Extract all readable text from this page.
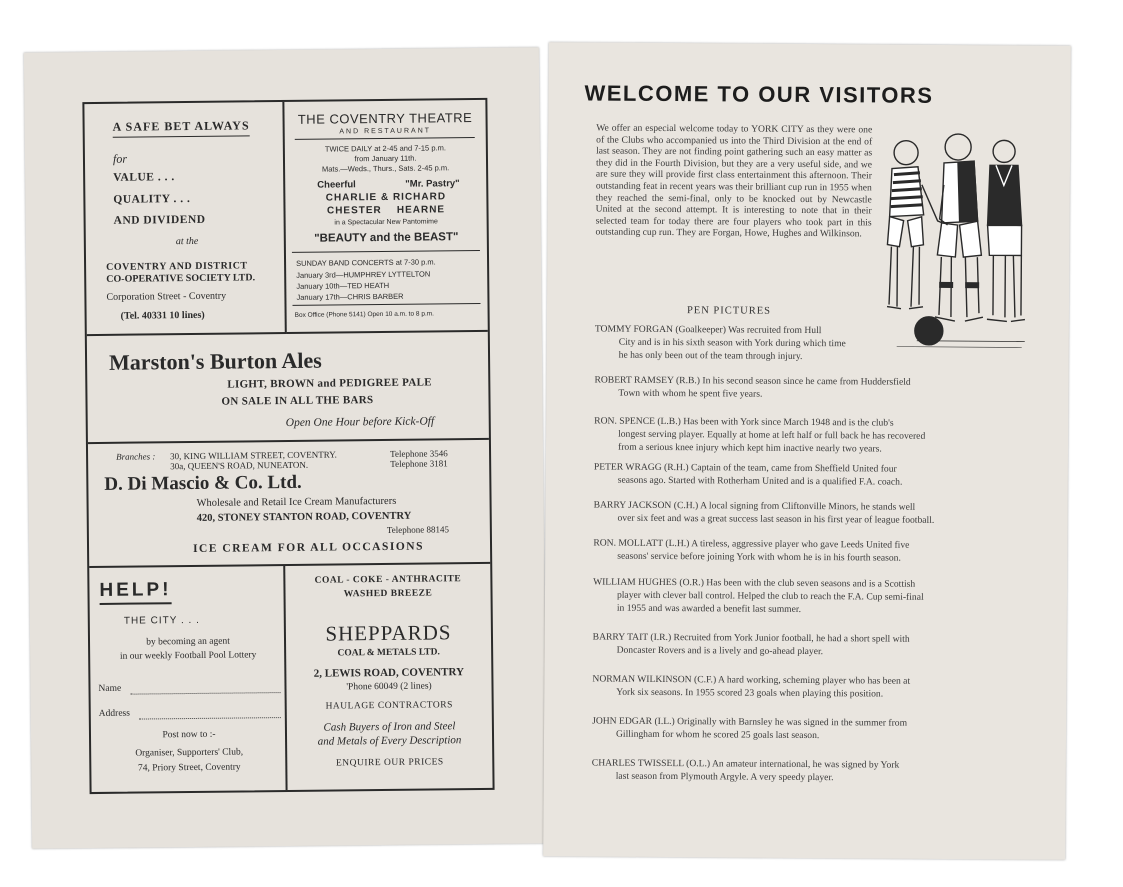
A SAFE BET ALWAYS
for
VALUE . . .
QUALITY . . .
AND DIVIDEND
at the
COVENTRY AND DISTRICT
CO-OPERATIVE SOCIETY LTD.
Corporation Street - Coventry
(Tel. 40331 10 lines)
THE COVENTRY THEATRE
AND RESTAURANT
TWICE DAILY at 2-45 and 7-15 p.m.
from January 11th.
Mats.—Weds., Thurs., Sats. 2-45 p.m.
Cheerful	"Mr. Pastry"
CHARLIE & RICHARD
CHESTER    HEARNE
in a Spectacular New Pantomime
"BEAUTY and the BEAST"
SUNDAY BAND CONCERTS at 7-30 p.m.
January 3rd—HUMPHREY LYTTELTON
January 10th—TED HEATH
January 17th—CHRIS BARBER
Box Office (Phone 5141) Open 10 a.m. to 8 p.m.
Marston's Burton Ales
LIGHT, BROWN and PEDIGREE PALE
ON SALE IN ALL THE BARS
Open One Hour before Kick-Off
Branches : 30, KING WILLIAM STREET, COVENTRY.	Telephone 3546
30a, QUEEN'S ROAD, NUNEATON.	Telephone 3181
D. Di Mascio & Co. Ltd.
Wholesale and Retail Ice Cream Manufacturers
420, STONEY STANTON ROAD, COVENTRY
Telephone 88145
ICE CREAM FOR ALL OCCASIONS
HELP!
THE CITY . . .
by becoming an agent
in our weekly Football Pool Lottery
Name
Address
Post now to :-
Organiser, Supporters' Club,
74, Priory Street, Coventry
COAL - COKE - ANTHRACITE
WASHED BREEZE
SHEPPARDS
COAL & METALS LTD.
2, LEWIS ROAD, COVENTRY
'Phone 60049 (2 lines)
HAULAGE CONTRACTORS
Cash Buyers of Iron and Steel
and Metals of Every Description
ENQUIRE OUR PRICES
WELCOME TO OUR VISITORS
We offer an especial welcome today to YORK CITY as they were one of the Clubs who accompanied us into the Third Division at the end of last season. They are not finding point gathering such an easy matter as they did in the Fourth Division, but they are a very useful side, and we are sure they will provide first class entertainment this afternoon. Their outstanding feat in recent years was their brilliant cup run in 1955 when they reached the semi-final, only to be knocked out by Newcastle United at the second attempt. It is interesting to note that in their selected team for today there are four players who took part in this outstanding cup run. They are Forgan, Howe, Hughes and Wilkinson.
PEN PICTURES
TOMMY FORGAN (Goalkeeper) Was recruited from Hull
City and is in his sixth season with York during which time
he has only been out of the team through injury.
ROBERT RAMSEY (R.B.) In his second season since he came from Huddersfield
Town with whom he spent five years.
RON. SPENCE (L.B.) Has been with York since March 1948 and is the club's
longest serving player. Equally at home at left half or full back he has recovered
from a serious knee injury which kept him inactive nearly two years.
PETER WRAGG (R.H.) Captain of the team, came from Sheffield United four
seasons ago. Started with Rotherham United and is a qualified F.A. coach.
BARRY JACKSON (C.H.) A local signing from Cliftonville Minors, he stands well
over six feet and was a great success last season in his first year of league football.
RON. MOLLATT (L.H.) A tireless, aggressive player who gave Leeds United five
seasons' service before joining York with whom he is in his fourth season.
WILLIAM HUGHES (O.R.) Has been with the club seven seasons and is a Scottish
player with clever ball control. Helped the club to reach the F.A. Cup semi-final
in 1955 and was awarded a benefit last summer.
BARRY TAIT (I.R.) Recruited from York Junior football, he had a short spell with
Doncaster Rovers and is a lively and go-ahead player.
NORMAN WILKINSON (C.F.) A hard working, scheming player who has been at
York six seasons. In 1955 scored 23 goals when playing this position.
JOHN EDGAR (I.L.) Originally with Barnsley he was signed in the summer from
Gillingham for whom he scored 25 goals last season.
CHARLES TWISSELL (O.L.) An amateur international, he was signed by York
last season from Plymouth Argyle. A very speedy player.
